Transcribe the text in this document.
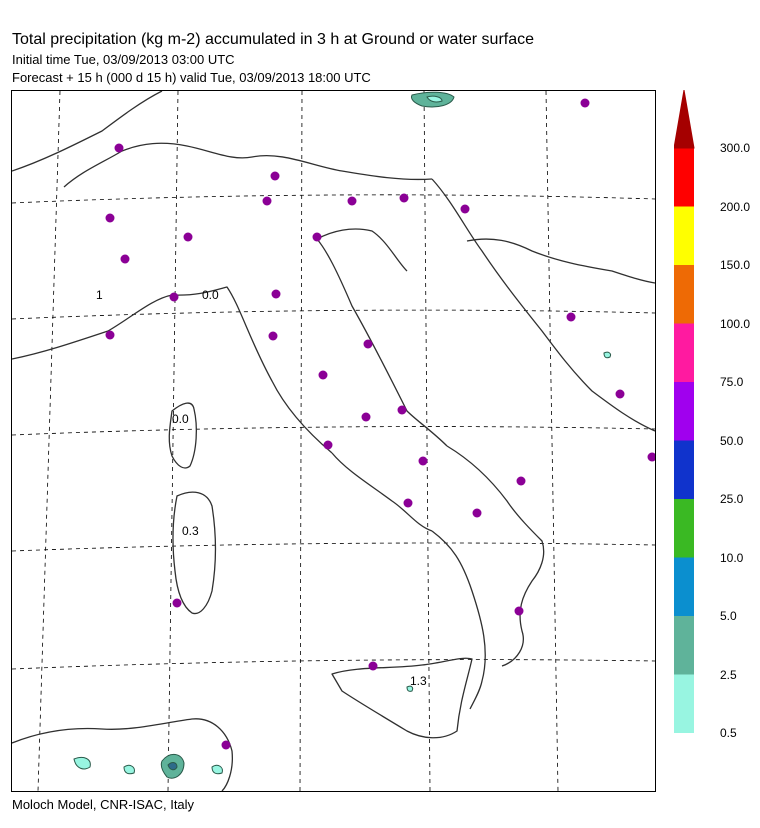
Total precipitation (kg m-2) accumulated in 3 h at Ground or water surface
Initial time Tue, 03/09/2013 03:00 UTC
Forecast + 15 h (000 d 15 h) valid Tue, 03/09/2013 18:00 UTC
0.0
0.0
0.3
1.3
1
0.5
2.5
5.0
10.0
25.0
50.0
75.0
100.0
150.0
200.0
300.0
Moloch Model, CNR-ISAC, Italy
